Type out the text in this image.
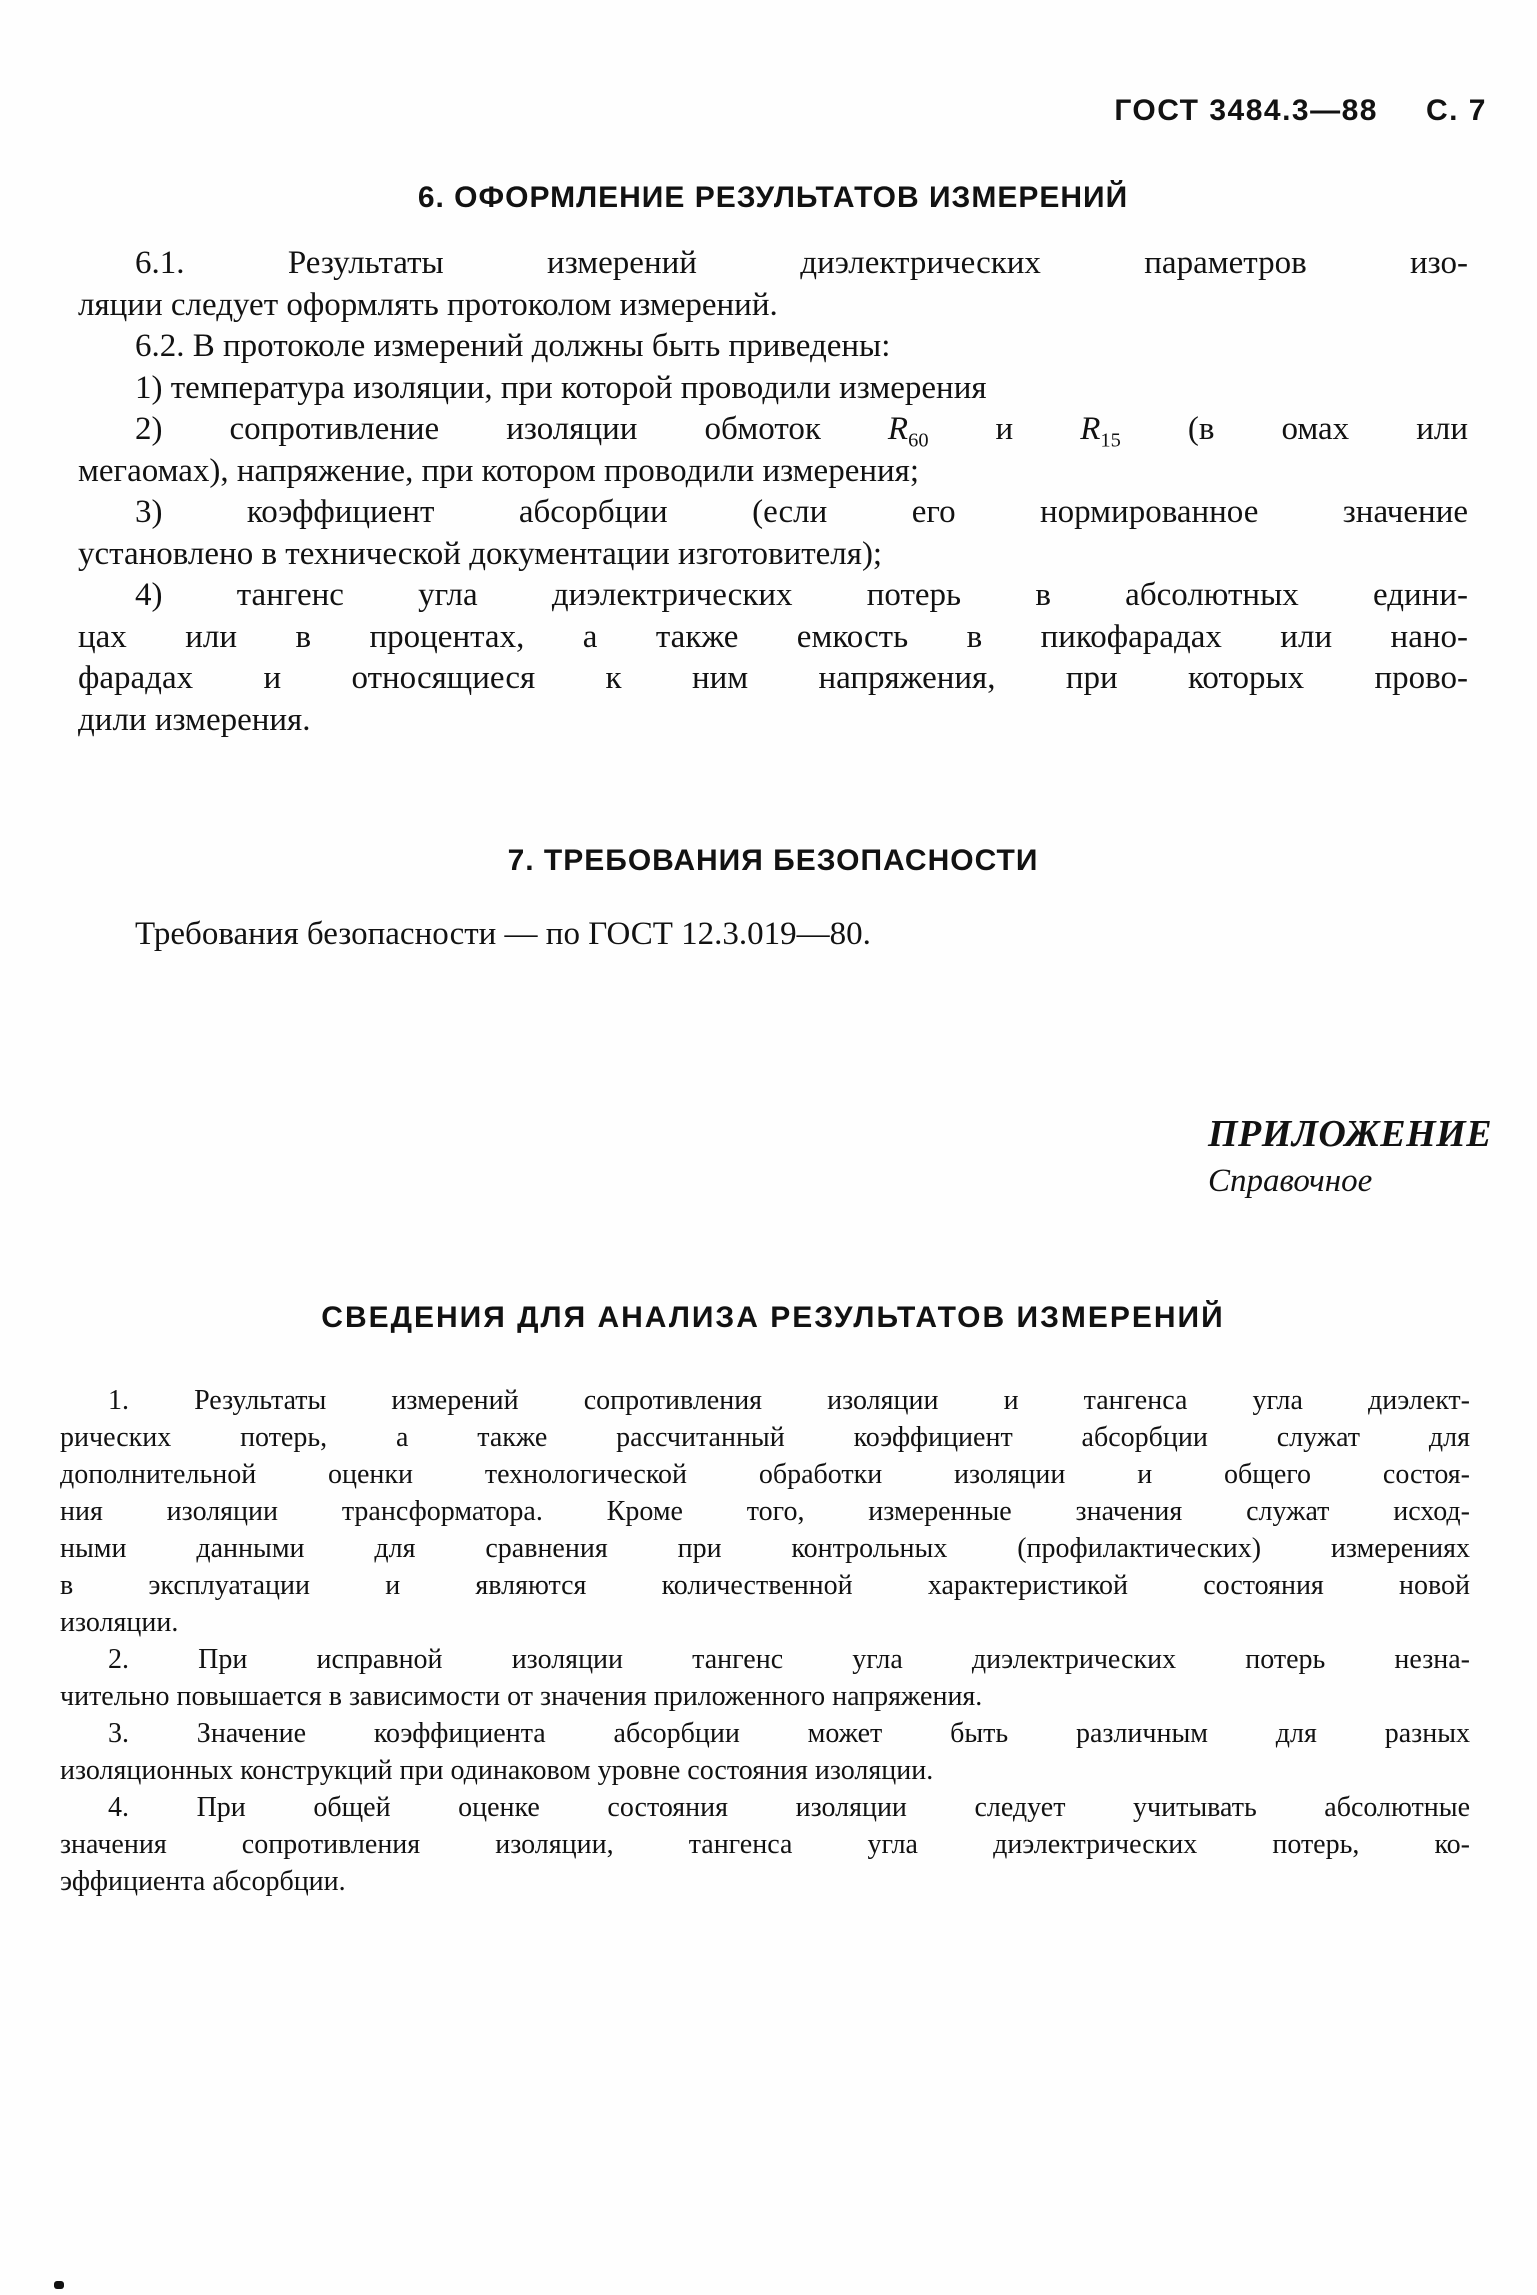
ГОСТ 3484.3—88 С. 7
6. ОФОРМЛЕНИЕ РЕЗУЛЬТАТОВ ИЗМЕРЕНИЙ
6.1. Результаты измерений диэлектрических параметров изо-
ляции следует оформлять протоколом измерений.
6.2. В протоколе измерений должны быть приведены:
1) температура изоляции, при которой проводили измерения
2) сопротивление изоляции обмоток $R_{60}$ и $R_{15}$ (в омах или
мегаомах), напряжение, при котором проводили измерения;
3) коэффициент абсорбции (если его нормированное значение
установлено в технической документации изготовителя);
4) тангенс угла диэлектрических потерь в абсолютных едини-
цах или в процентах, а также емкость в пикофарадах или нано-
фарадах и относящиеся к ним напряжения, при которых прово-
дили измерения.
7. ТРЕБОВАНИЯ БЕЗОПАСНОСТИ
Требования безопасности — по ГОСТ 12.3.019—80.
ПРИЛОЖЕНИЕ
Справочное
СВЕДЕНИЯ ДЛЯ АНАЛИЗА РЕЗУЛЬТАТОВ ИЗМЕРЕНИЙ
1. Результаты измерений сопротивления изоляции и тангенса угла диэлект-
рических потерь, а также рассчитанный коэффициент абсорбции служат для
дополнительной оценки технологической обработки изоляции и общего состоя-
ния изоляции трансформатора. Кроме того, измеренные значения служат исход-
ными данными для сравнения при контрольных (профилактических) измерениях
в эксплуатации и являются количественной характеристикой состояния новой
изоляции.
2. При исправной изоляции тангенс угла диэлектрических потерь незна-
чительно повышается в зависимости от значения приложенного напряжения.
3. Значение коэффициента абсорбции может быть различным для разных
изоляционных конструкций при одинаковом уровне состояния изоляции.
4. При общей оценке состояния изоляции следует учитывать абсолютные
значения сопротивления изоляции, тангенса угла диэлектрических потерь, ко-
эффициента абсорбции.
